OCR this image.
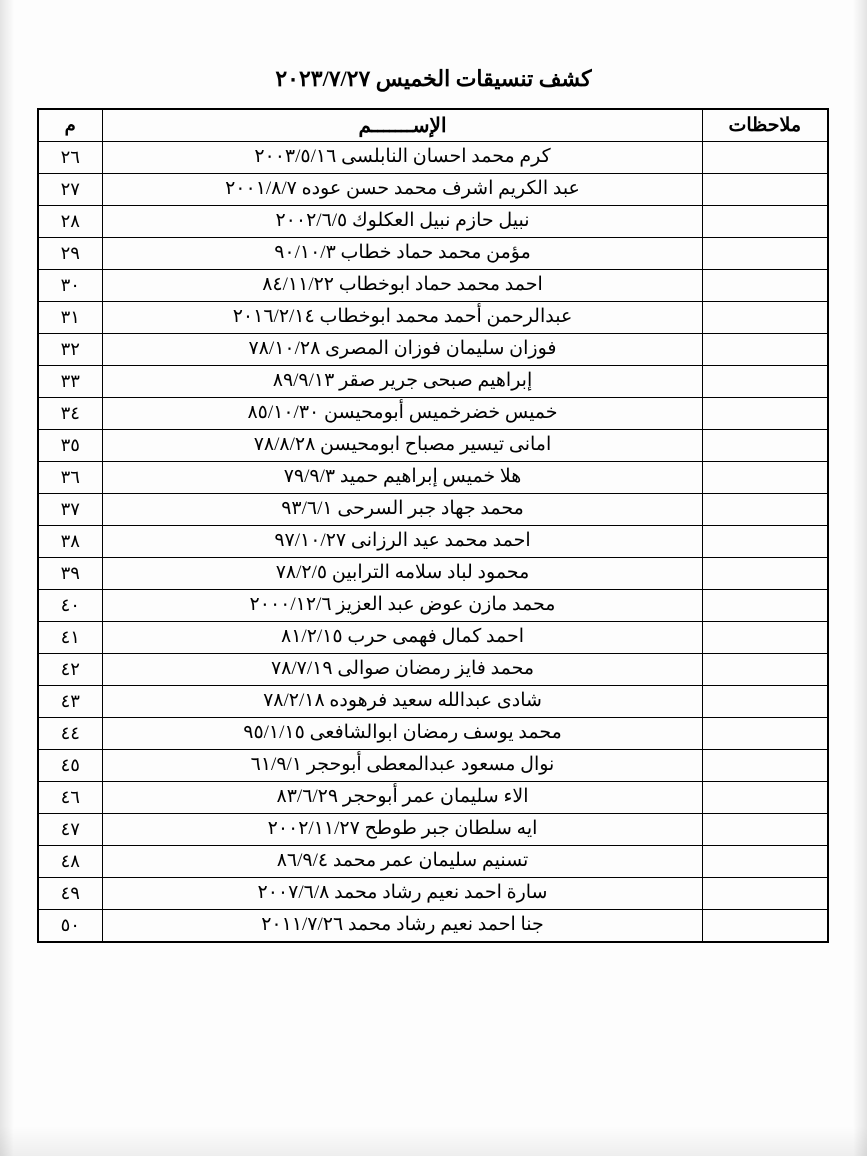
كشف تنسيقات الخميس ٢٠٢٣/٧/٢٧
ملاحظات	الإســـــــم	م
	كرم محمد احسان النابلسى ٢٠٠٣/٥/١٦	٢٦
	عبد الكريم اشرف محمد حسن عوده ٢٠٠١/٨/٧	٢٧
	نبيل حازم نبيل العكلوك ٢٠٠٢/٦/٥	٢٨
	مؤمن محمد حماد خطاب ٩٠/١٠/٣	٢٩
	احمد محمد حماد ابوخطاب ٨٤/١١/٢٢	٣٠
	عبدالرحمن أحمد محمد ابوخطاب ٢٠١٦/٢/١٤	٣١
	فوزان سليمان فوزان المصرى ٧٨/١٠/٢٨	٣٢
	إبراهيم صبحى جرير صقر ٨٩/٩/١٣	٣٣
	خميس خضرخميس أبومحيسن ٨٥/١٠/٣٠	٣٤
	امانى تيسير مصباح ابومحيسن ٧٨/٨/٢٨	٣٥
	هلا خميس إبراهيم حميد ٧٩/٩/٣	٣٦
	محمد جهاد جبر السرحى ٩٣/٦/١	٣٧
	احمد محمد عيد الرزانى ٩٧/١٠/٢٧	٣٨
	محمود لباد سلامه الترابين ٧٨/٢/٥	٣٩
	محمد مازن عوض عبد العزيز ٢٠٠٠/١٢/٦	٤٠
	احمد كمال فهمى حرب ٨١/٢/١٥	٤١
	محمد فايز رمضان صوالى ٧٨/٧/١٩	٤٢
	شادى عبدالله سعيد فرهوده ٧٨/٢/١٨	٤٣
	محمد يوسف رمضان ابوالشافعى ٩٥/١/١٥	٤٤
	نوال مسعود عبدالمعطى أبوحجر ٦١/٩/١	٤٥
	الاء سليمان عمر أبوحجر ٨٣/٦/٢٩	٤٦
	ايه سلطان جبر طوطح ٢٠٠٢/١١/٢٧	٤٧
	تسنيم سليمان عمر محمد ٨٦/٩/٤	٤٨
	سارة احمد نعيم رشاد محمد ٢٠٠٧/٦/٨	٤٩
	جنا احمد نعيم رشاد محمد ٢٠١١/٧/٢٦	٥٠
